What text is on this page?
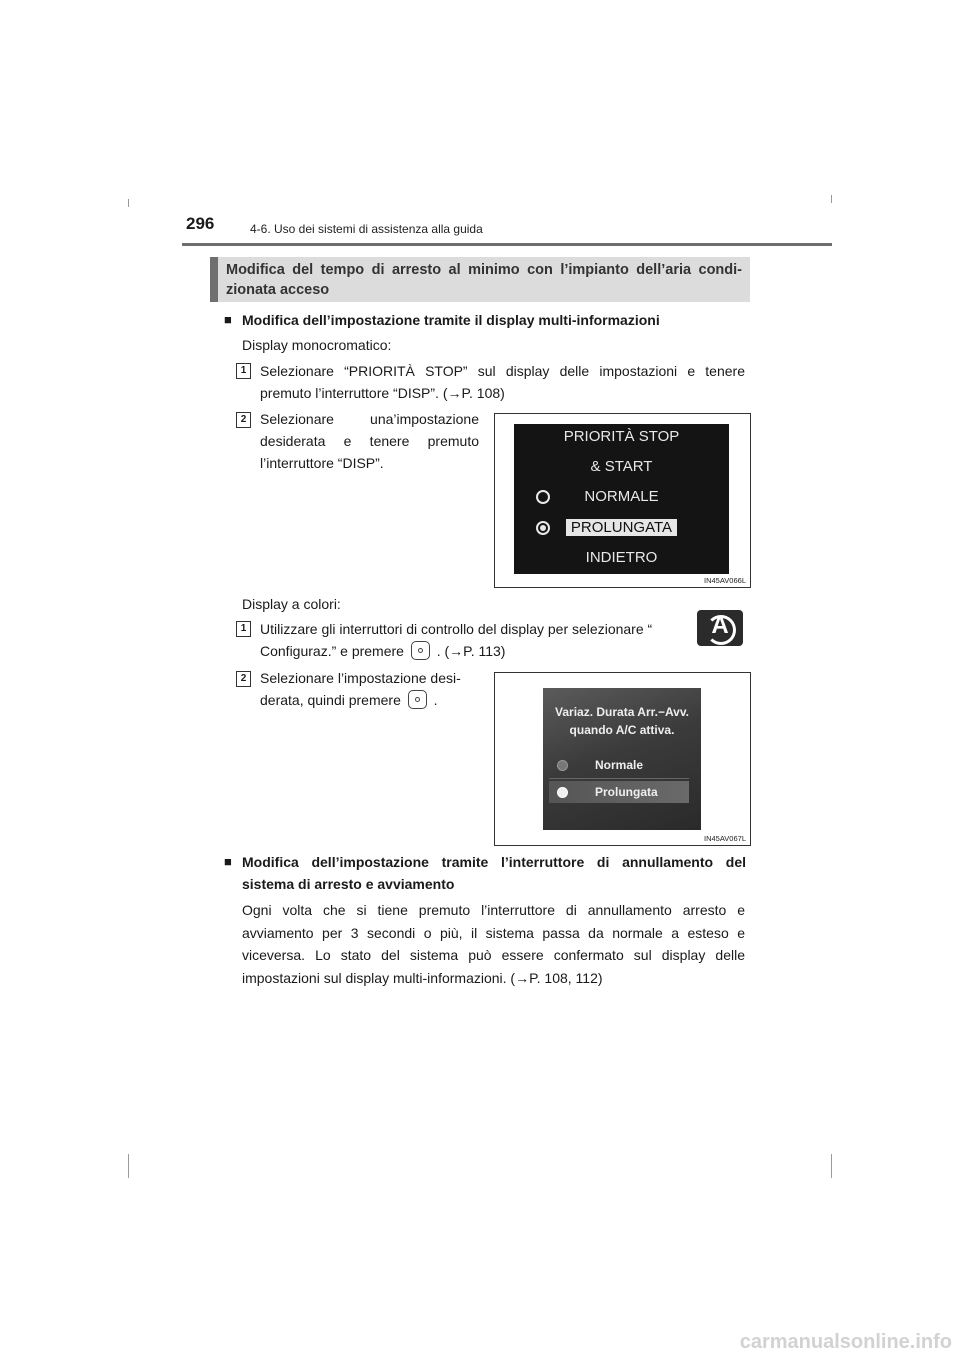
296	4-6. Uso dei sistemi di assistenza alla guida
Modifica del tempo di arresto al minimo con l’impianto dell’aria condi-zionata acceso
■ Modifica dell’impostazione tramite il display multi-informazioni
Display monocromatico:
1 Selezionare “PRIORITÀ STOP” sul display delle impostazioni e tenere premuto l’interruttore “DISP”. (→P. 108)
2 Selezionare una’impostazione desiderata e tenere premuto l’interruttore “DISP”.
PRIORITÀ STOP
& START
NORMALE
PROLUNGATA
INDIETRO
IN45AV066L
Display a colori:
1 Utilizzare gli interruttori di controllo del display per selezionare “	A
Configuraz.” e premere . (→P. 113)
2 Selezionare l’impostazione desi-
derata, quindi premere .
Variaz. Durata Arr.−Avv.
quando A/C attiva.
Normale
Prolungata
IN45AV067L
■ Modifica dell’impostazione tramite l’interruttore di annullamento del sistema di arresto e avviamento
Ogni volta che si tiene premuto l’interruttore di annullamento arresto e avviamento per 3 secondi o più, il sistema passa da normale a esteso e viceversa. Lo stato del sistema può essere confermato sul display delle impostazioni sul display multi-informazioni. (→P. 108, 112)
carmanualsonline.info
